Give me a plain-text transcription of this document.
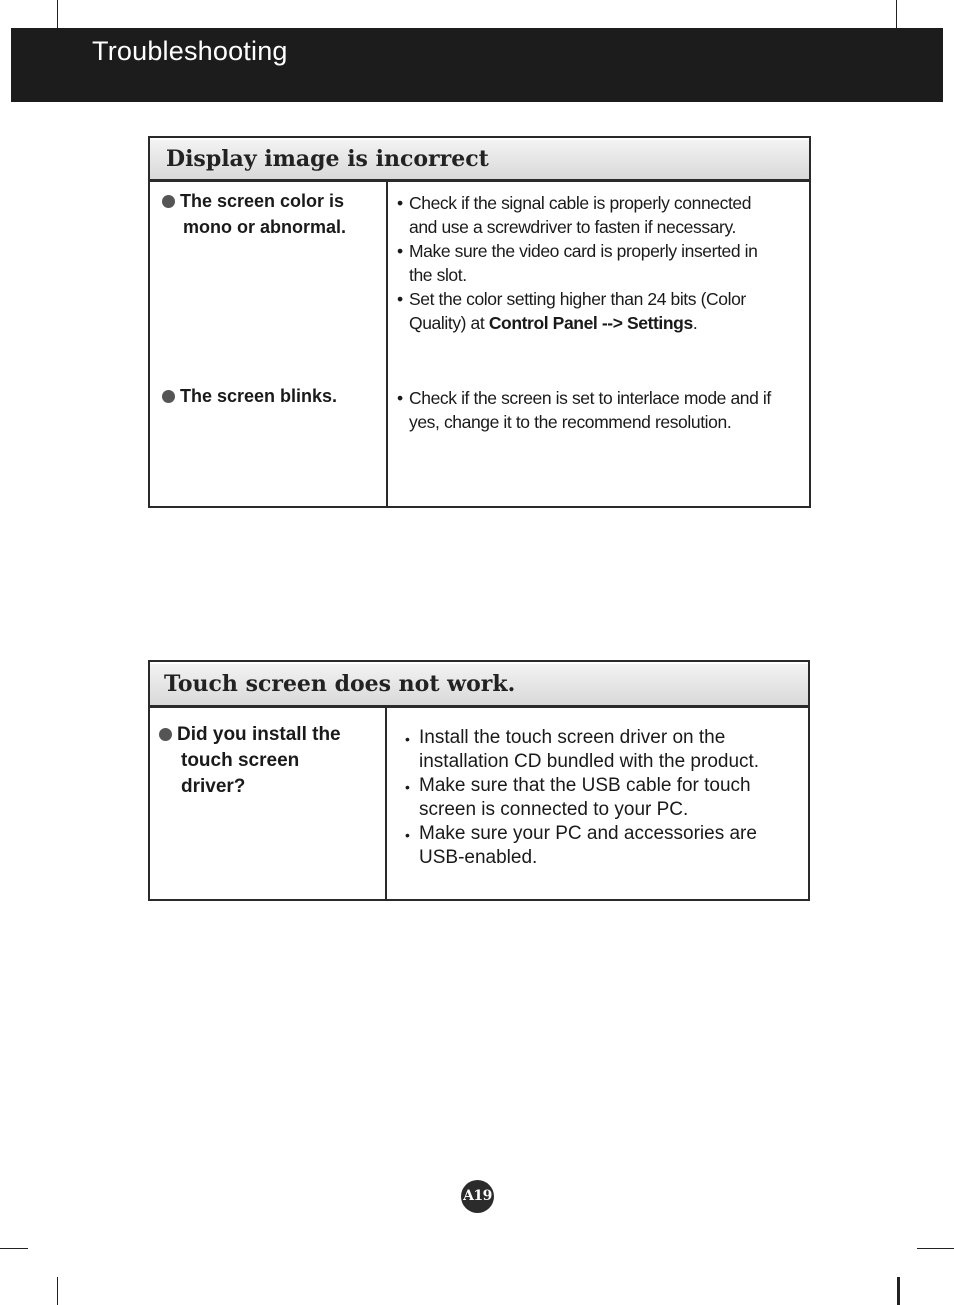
Troubleshooting
Display image is incorrect
The screen color is
mono or abnormal.
• Check if the signal cable is properly connected
and use a screwdriver to fasten if necessary.
• Make sure the video card is properly inserted in
the slot.
• Set the color setting higher than 24 bits (Color
Quality) at Control Panel --> Settings.
The screen blinks.	• Check if the screen is set to interlace mode and if
yes, change it to the recommend resolution.
Touch screen does not work.
Did you install the
touch screen
driver?
• Install the touch screen driver on the
installation CD bundled with the product.
• Make sure that the USB cable for touch
screen is connected to your PC.
• Make sure your PC and accessories are
USB-enabled.
A19
